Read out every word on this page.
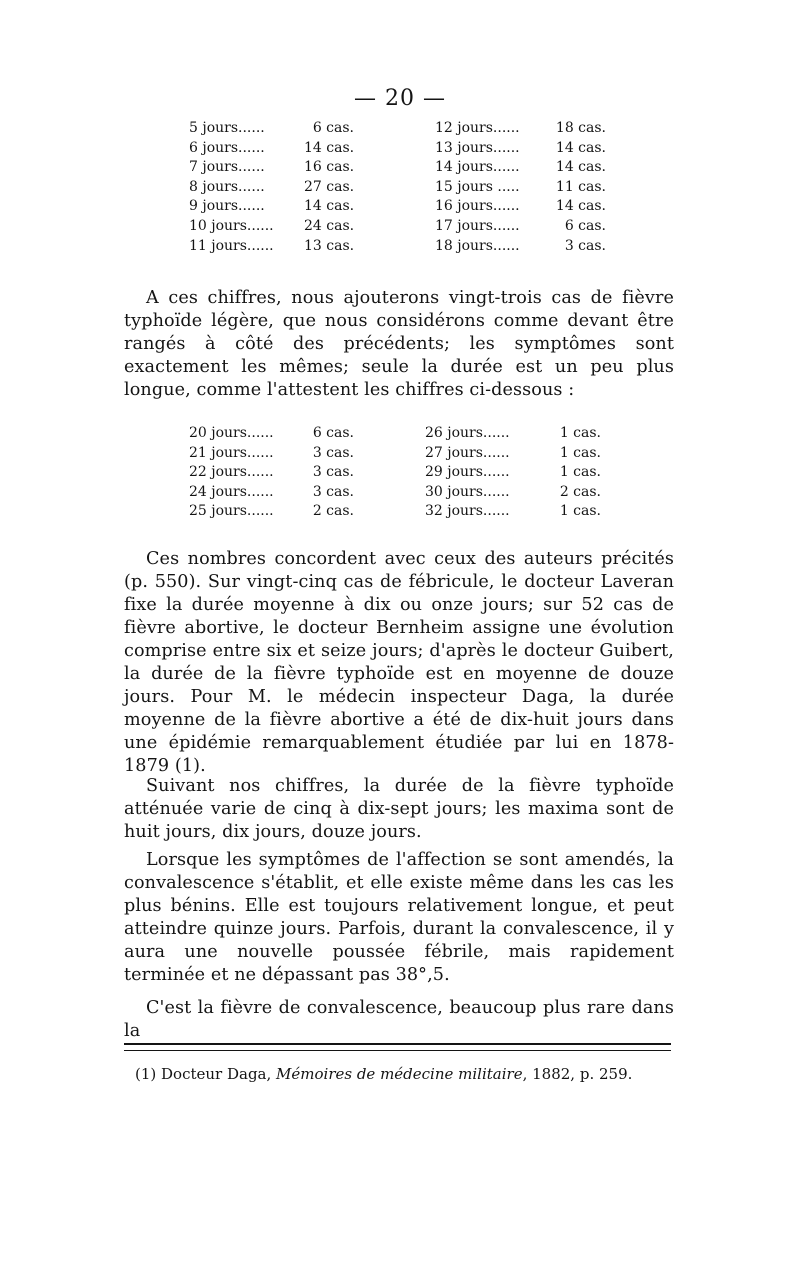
— 20 —
5 jours......	6 cas.
6 jours......	14 cas.
7 jours......	16 cas.
8 jours......	27 cas.
9 jours......	14 cas.
10 jours......	24 cas.
11 jours......	13 cas.
12 jours......	18 cas.
13 jours......	14 cas.
14 jours......	14 cas.
15 jours .....	11 cas.
16 jours......	14 cas.
17 jours......	6 cas.
18 jours......	3 cas.

A ces chiffres, nous ajouterons vingt-trois cas de fièvre typhoïde légère, que nous considérons comme devant être rangés à côté des précédents; les symptômes sont exactement les mêmes; seule la durée est un peu plus longue, comme l'attestent les chiffres ci-dessous :

20 jours......	6 cas.
21 jours......	3 cas.
22 jours......	3 cas.
24 jours......	3 cas.
25 jours......	2 cas.
26 jours......	1 cas.
27 jours......	1 cas.
29 jours......	1 cas.
30 jours......	2 cas.
32 jours......	1 cas.

Ces nombres concordent avec ceux des auteurs précités (p. 550). Sur vingt-cinq cas de fébricule, le docteur Laveran fixe la durée moyenne à dix ou onze jours; sur 52 cas de fièvre abortive, le docteur Bernheim assigne une évolution comprise entre six et seize jours; d'après le docteur Guibert, la durée de la fièvre typhoïde est en moyenne de douze jours. Pour M. le médecin inspecteur Daga, la durée moyenne de la fièvre abortive a été de dix-huit jours dans une épidémie remarquablement étudiée par lui en 1878-1879 (1).

Suivant nos chiffres, la durée de la fièvre typhoïde atténuée varie de cinq à dix-sept jours; les maxima sont de huit jours, dix jours, douze jours.

Lorsque les symptômes de l'affection se sont amendés, la convalescence s'établit, et elle existe même dans les cas les plus bénins. Elle est toujours relativement longue, et peut atteindre quinze jours. Parfois, durant la convalescence, il y aura une nouvelle poussée fébrile, mais rapidement terminée et ne dépassant pas 38°,5.

C'est la fièvre de convalescence, beaucoup plus rare dans la

(1) Docteur Daga, Mémoires de médecine militaire, 1882, p. 259.
